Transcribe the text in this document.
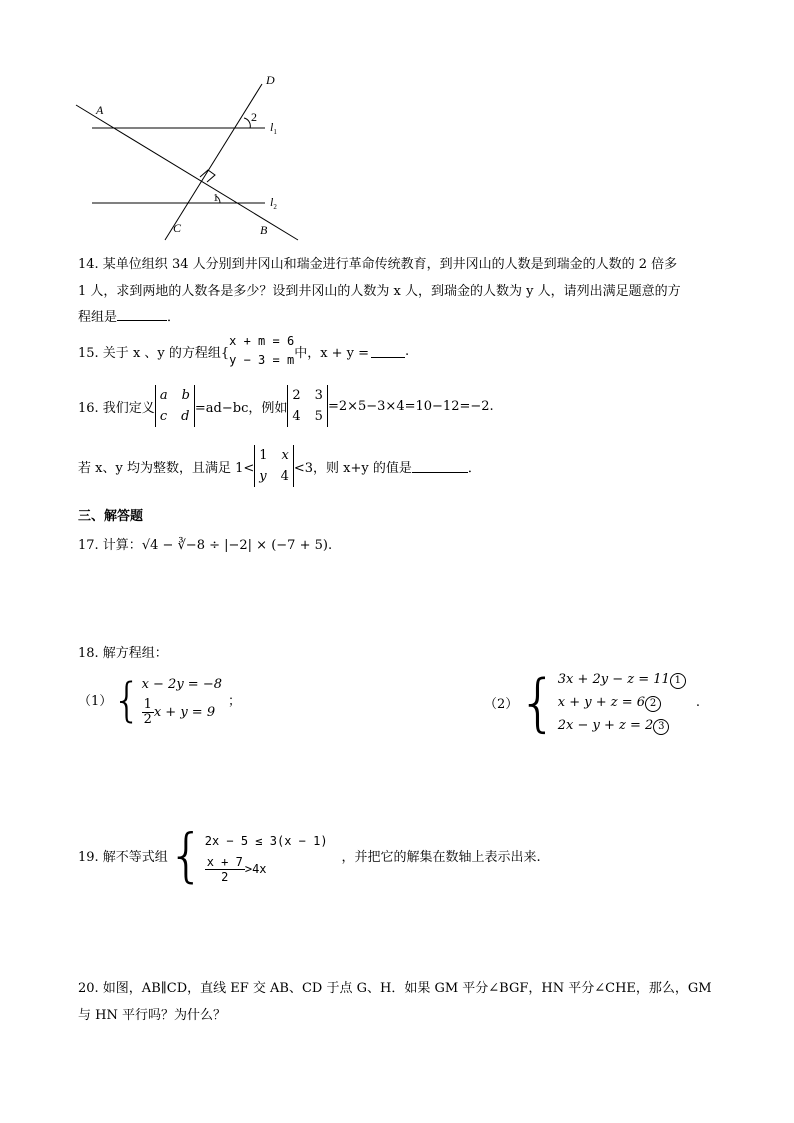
A
D
C	B
2
1
$l_1$
$l_2$
14. 某单位组织 34 人分别到井冈山和瑞金进行革命传统教育，到井冈山的人数是到瑞金的人数的 2 倍多
1 人，求到两地的人数各是多少？设到井冈山的人数为 x 人，到瑞金的人数为 y 人，请列出满足题意的方
程组是	．
15. 关于 x 、y 的方程组{
x + m = 6
y − 3 = m 中，x + y =	.
16. 我们定义
a b
c d
=ad−bc，例如
2 3
4 5
=2×5−3×4=10−12=−2.
若 x、y 均为整数，且满足 1<
1 x
y 4
<3，则 x+y 的值是	．
三、解答题
17. 计算：√4 − ∛−8 ÷ |−2| × (−7 + 5).
18. 解方程组：
（1） { x − 2y = −8
$\frac{1}{2}$ x + y = 9
；	（2） { 3x + 2y − z = 11 1
x + y + z = 6 2
2x − y + z = 2 3
.
19. 解不等式组 { 2x − 5 ≤ 3(x − 1)
$\frac{x + 7}{2} >4x$
，并把它的解集在数轴上表示出来.
20. 如图，AB∥CD，直线 EF 交 AB、CD 于点 G、H．如果 GM 平分∠BGF，HN 平分∠CHE，那么，GM
与 HN 平行吗？为什么？
